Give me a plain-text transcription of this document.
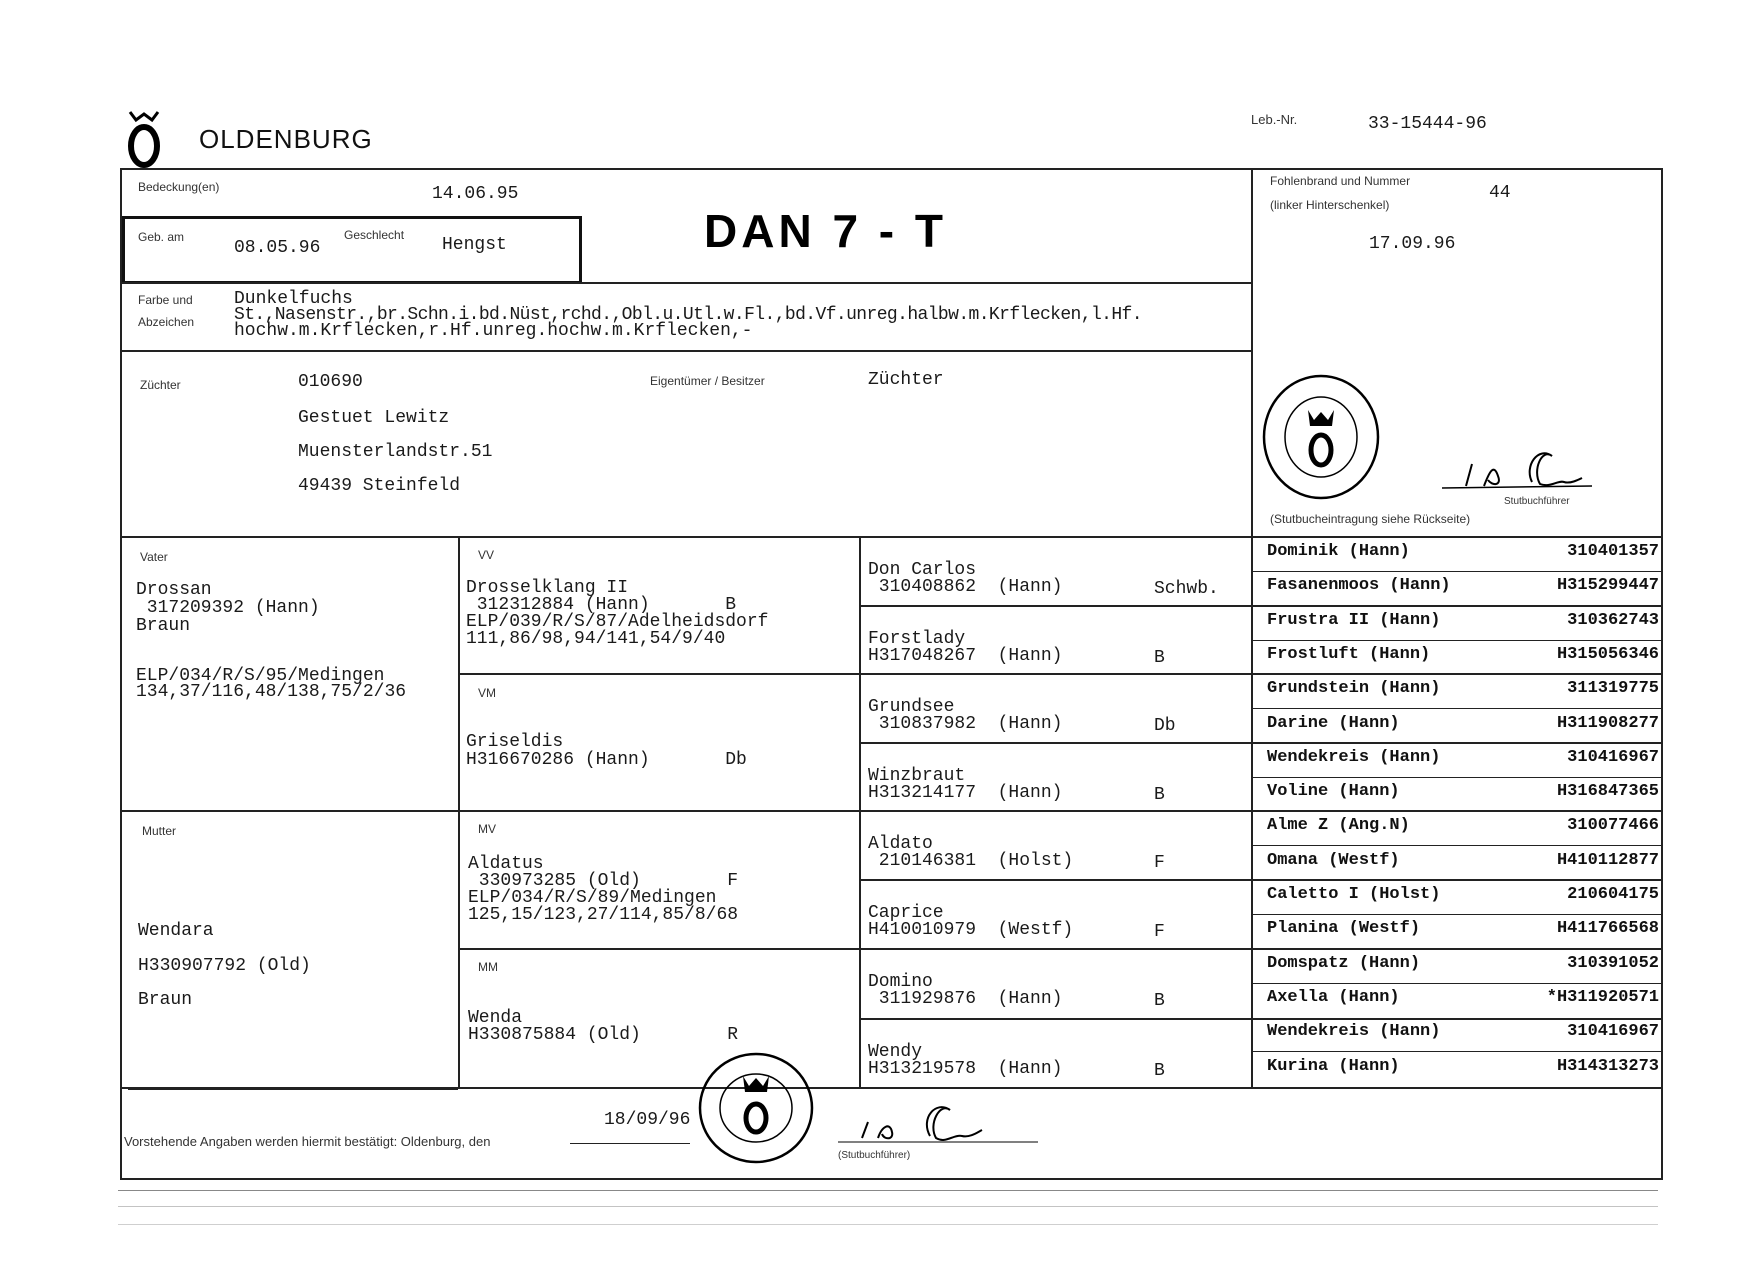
OLDENBURG
Leb.-Nr.	33-15444-96
Bedeckung(en)	14.06.95
Geb. am
08.05.96
Geschlecht Hengst	DAN 7 - T
Fohlenbrand und Nummer
(linker Hinterschenkel)
44
17.09.96
Farbe und
Abzeichen
Dunkelfuchs
St.,Nasenstr.,br.Schn.i.bd.Nüst,rchd.,Obl.u.Utl.w.Fl.,bd.Vf.unreg.halbw.m.Krflecken,l.Hf.
hochw.m.Krflecken,r.Hf.unreg.hochw.m.Krflecken,-
Züchter	010690
Gestuet Lewitz
Muensterlandstr.51
49439 Steinfeld
Eigentümer / Besitzer	Züchter
Stutbuchführer
(Stutbucheintragung siehe Rückseite)
Vater
Drossan
317209392 (Hann)
Braun
ELP/034/R/S/95/Medingen
134,37/116,48/138,75/2/36
VV
Drosselklang II
312312884 (Hann)       B
ELP/039/R/S/87/Adelheidsdorf
111,86/98,94/141,54/9/40
VM
Griseldis
H316670286 (Hann)       Db
Mutter
Wendara
H330907792 (Old)
Braun
MV
Aldatus
330973285 (Old)        F
ELP/034/R/S/89/Medingen
125,15/123,27/114,85/8/68
MM
Wenda
H330875884 (Old)        R
Don Carlos
310408862  (Hann)	Schwb.
Forstlady
H317048267  (Hann)	B
Grundsee
310837982  (Hann)	Db
Winzbraut
H313214177  (Hann)	B
Aldato
210146381  (Holst)	F
Caprice
H410010979  (Westf)	F
Domino
311929876  (Hann)	B
Wendy
H313219578  (Hann)	B
Dominik (Hann)	310401357
Fasanenmoos (Hann)	H315299447
Frustra II (Hann)	310362743
Frostluft (Hann)	H315056346
Grundstein (Hann)	311319775
Darine (Hann)	H311908277
Wendekreis (Hann)	310416967
Voline (Hann)	H316847365
Alme Z (Ang.N)	310077466
Omana (Westf)	H410112877
Caletto I (Holst)	210604175
Planina (Westf)	H411766568
Domspatz (Hann)	310391052
Axella (Hann)	*H311920571
Wendekreis (Hann)	310416967
Kurina (Hann)	H314313273
18/09/96
Vorstehende Angaben werden hiermit bestätigt: Oldenburg, den
(Stutbuchführer)
